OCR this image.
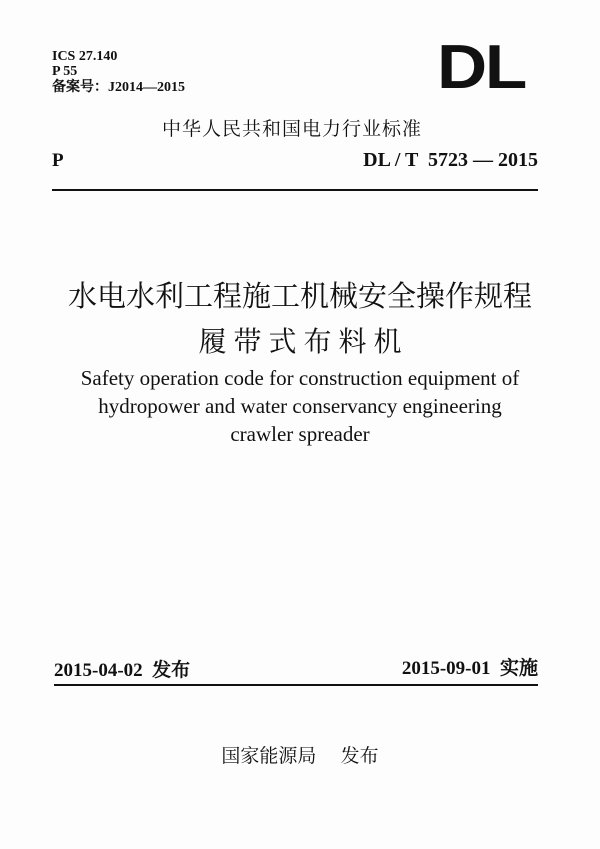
ICS 27.140
P 55
备案号：J2014—2015	DL
中华人民共和国电力行业标准
P	DL / T  5723 — 2015
水电水利工程施工机械安全操作规程
履 带 式 布 料 机
Safety operation code for construction equipment of
hydropower and water conservancy engineering
crawler spreader
2015-04-02  发布	2015-09-01  实施
国家能源局    发布
